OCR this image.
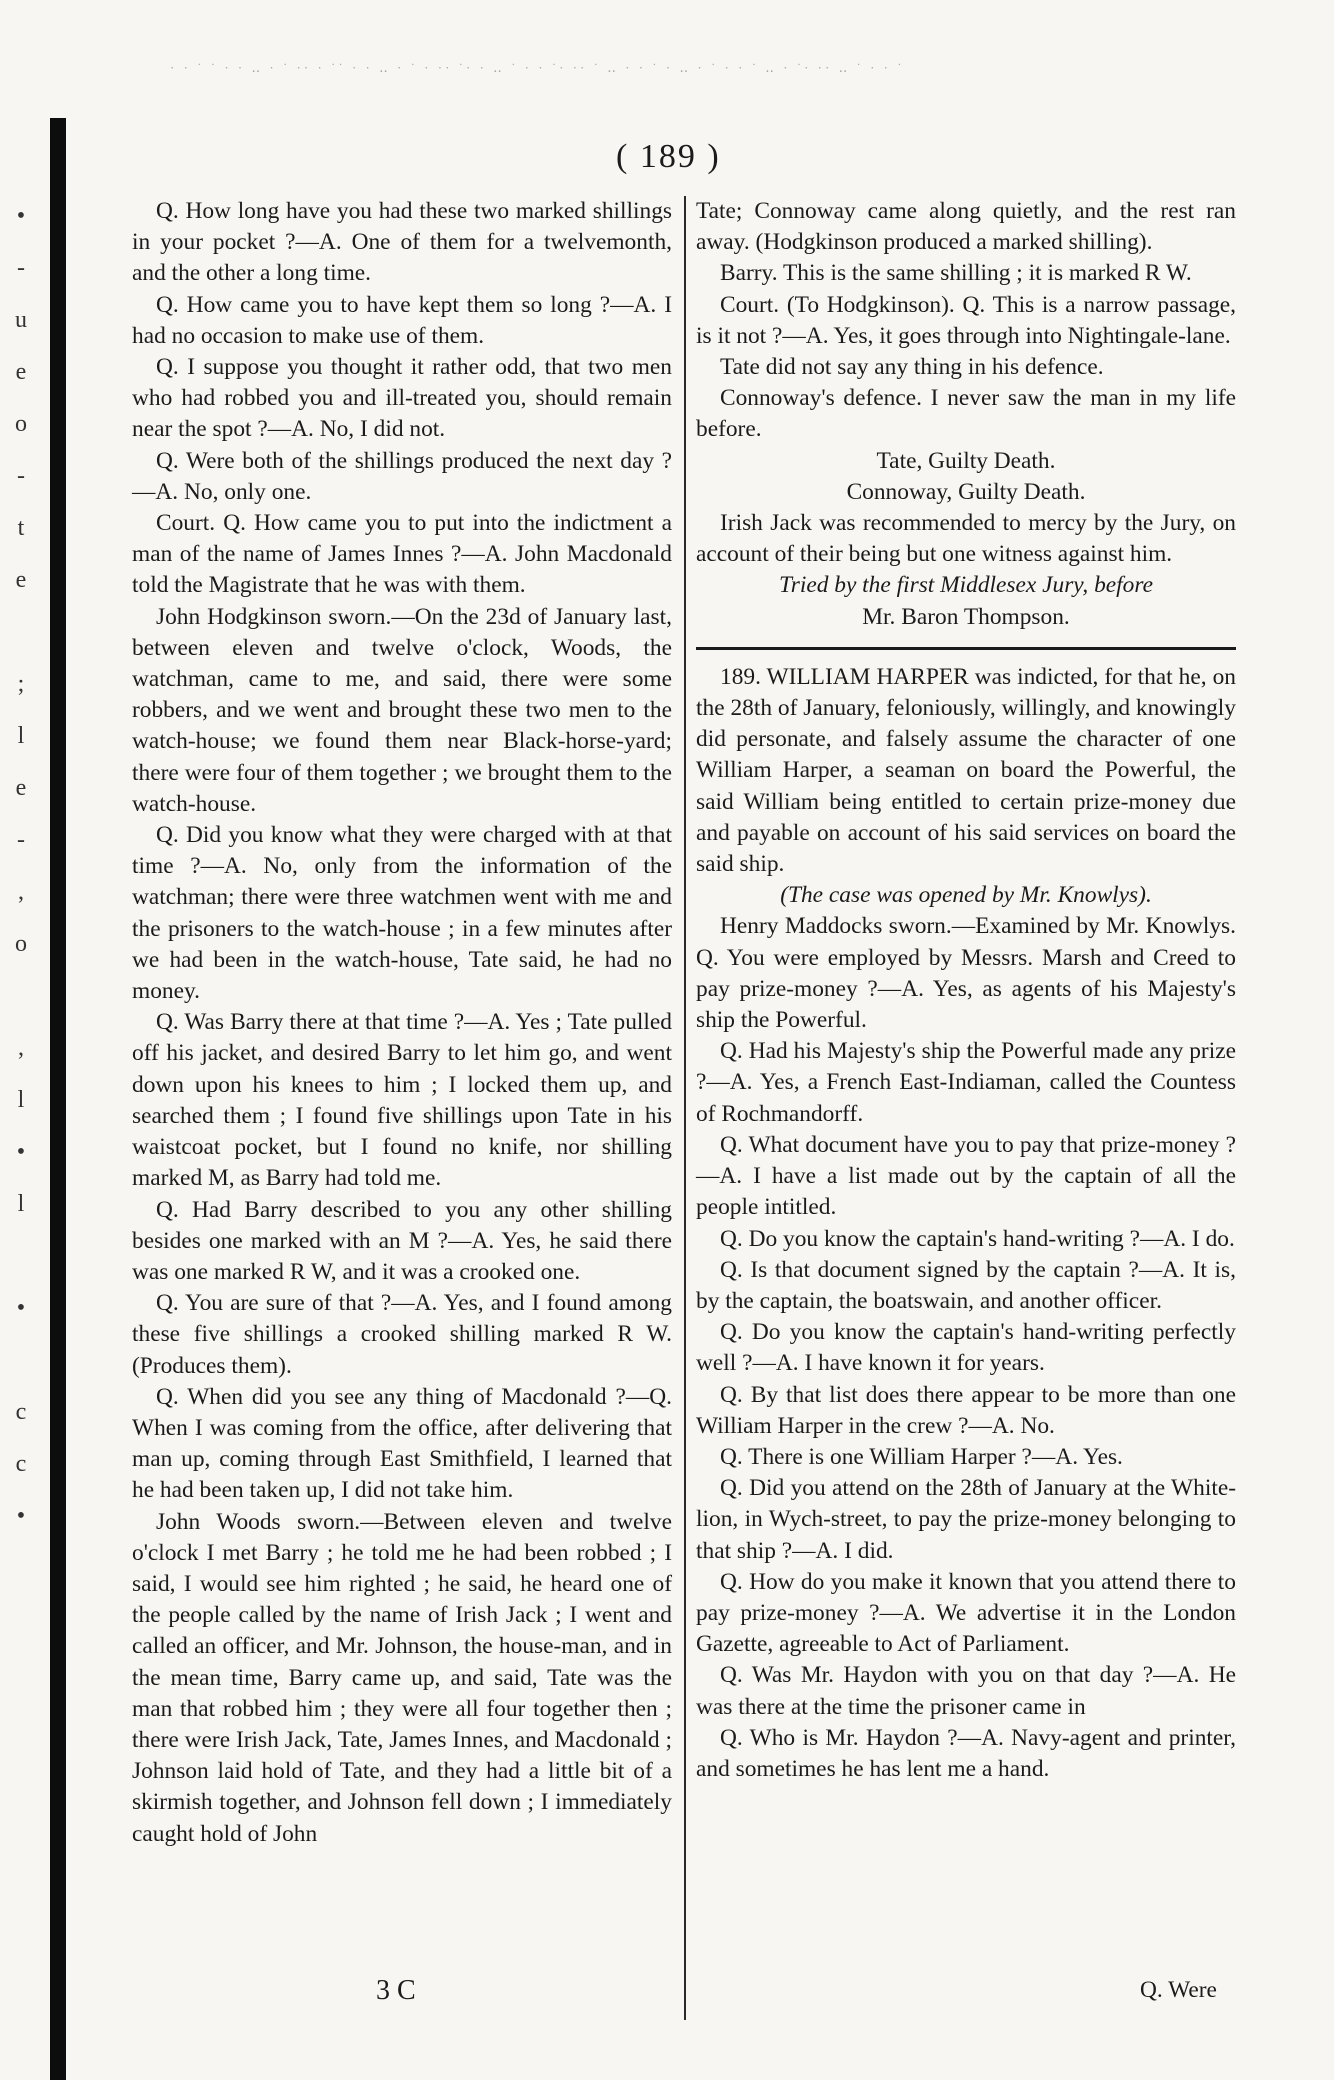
· · ˙ ˙ · · ‥ · ˙ ·· · ˙˙ · · ‥ · ˙ · ·· ˙· · ‥ ˙ · · ˙· ·· ˙ ‥ · · ˙ · ‥ · ˙ · · ˙ ‥ · ˙· ·· ‥ ˙ · · ˙
•
-
u
e
o
-
t
e

;
l
e
-
,
o

,
l
•
l

•

c
c
•
( 189 )

Q. How long have you had these two marked shillings in your pocket ?—A. One of them for a twelvemonth, and the other a long time.

Q. How came you to have kept them so long ?—A. I had no occasion to make use of them.

Q. I suppose you thought it rather odd, that two men who had robbed you and ill-treated you, should remain near the spot ?—A. No, I did not.

Q. Were both of the shillings produced the next day ?—A. No, only one.

Court. Q. How came you to put into the indictment a man of the name of James Innes ?—A. John Macdonald told the Magistrate that he was with them.

John Hodgkinson sworn.—On the 23d of January last, between eleven and twelve o'clock, Woods, the watchman, came to me, and said, there were some robbers, and we went and brought these two men to the watch-house; we found them near Black-horse-yard; there were four of them together ; we brought them to the watch-house.

Q. Did you know what they were charged with at that time ?—A. No, only from the information of the watchman; there were three watchmen went with me and the prisoners to the watch-house ; in a few minutes after we had been in the watch-house, Tate said, he had no money.

Q. Was Barry there at that time ?—A. Yes ; Tate pulled off his jacket, and desired Barry to let him go, and went down upon his knees to him ; I locked them up, and searched them ; I found five shillings upon Tate in his waistcoat pocket, but I found no knife, nor shilling marked M, as Barry had told me.

Q. Had Barry described to you any other shilling besides one marked with an M ?—A. Yes, he said there was one marked R W, and it was a crooked one.

Q. You are sure of that ?—A. Yes, and I found among these five shillings a crooked shilling marked R W. (Produces them).

Q. When did you see any thing of Macdonald ?—Q. When I was coming from the office, after delivering that man up, coming through East Smithfield, I learned that he had been taken up, I did not take him.

John Woods sworn.—Between eleven and twelve o'clock I met Barry ; he told me he had been robbed ; I said, I would see him righted ; he said, he heard one of the people called by the name of Irish Jack ; I went and called an officer, and Mr. Johnson, the house-man, and in the mean time, Barry came up, and said, Tate was the man that robbed him ; they were all four together then ; there were Irish Jack, Tate, James Innes, and Macdonald ; Johnson laid hold of Tate, and they had a little bit of a skirmish together, and Johnson fell down ; I immediately caught hold of John

Tate; Connoway came along quietly, and the rest ran away. (Hodgkinson produced a marked shilling).

Barry. This is the same shilling ; it is marked R W.

Court. (To Hodgkinson). Q. This is a narrow passage, is it not ?—A. Yes, it goes through into Nightingale-lane.

Tate did not say any thing in his defence.

Connoway's defence. I never saw the man in my life before.

Tate, Guilty Death.

Connoway, Guilty Death.

Irish Jack was recommended to mercy by the Jury, on account of their being but one witness against him.

Tried by the first Middlesex Jury, before

Mr. Baron Thompson.

189. WILLIAM HARPER was indicted, for that he, on the 28th of January, feloniously, willingly, and knowingly did personate, and falsely assume the character of one William Harper, a seaman on board the Powerful, the said William being entitled to certain prize-money due and payable on account of his said services on board the said ship.

(The case was opened by Mr. Knowlys).

Henry Maddocks sworn.—Examined by Mr. Knowlys. Q. You were employed by Messrs. Marsh and Creed to pay prize-money ?—A. Yes, as agents of his Majesty's ship the Powerful.

Q. Had his Majesty's ship the Powerful made any prize ?—A. Yes, a French East-Indiaman, called the Countess of Rochmandorff.

Q. What document have you to pay that prize-money ?—A. I have a list made out by the captain of all the people intitled.

Q. Do you know the captain's hand-writing ?—A. I do.

Q. Is that document signed by the captain ?—A. It is, by the captain, the boatswain, and another officer.

Q. Do you know the captain's hand-writing perfectly well ?—A. I have known it for years.

Q. By that list does there appear to be more than one William Harper in the crew ?—A. No.

Q. There is one William Harper ?—A. Yes.

Q. Did you attend on the 28th of January at the White-lion, in Wych-street, to pay the prize-money belonging to that ship ?—A. I did.

Q. How do you make it known that you attend there to pay prize-money ?—A. We advertise it in the London Gazette, agreeable to Act of Parliament.

Q. Was Mr. Haydon with you on that day ?—A. He was there at the time the prisoner came in

Q. Who is Mr. Haydon ?—A. Navy-agent and printer, and sometimes he has lent me a hand.

3 C	Q. Were
